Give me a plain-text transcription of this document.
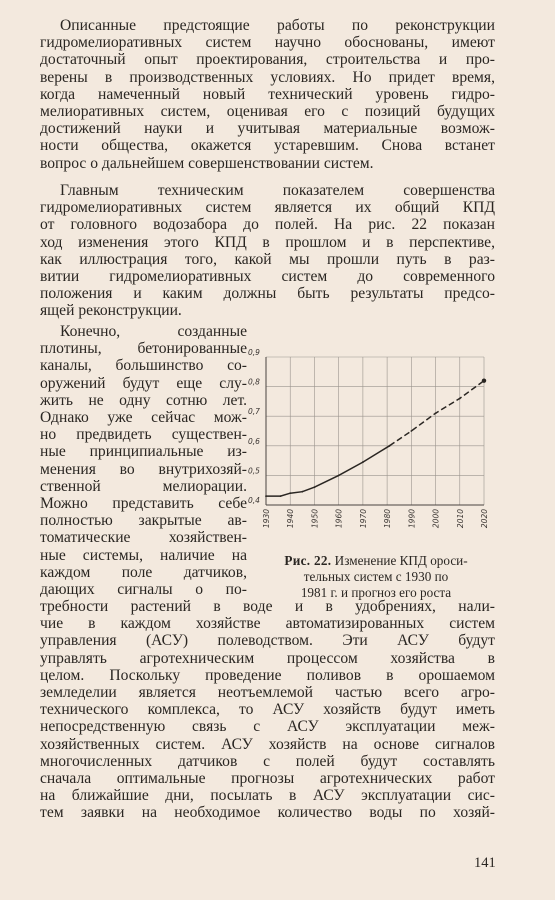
Описанные предстоящие работы по реконструкции
гидромелиоративных систем научно обоснованы, имеют
достаточный опыт проектирования, строительства и про-
верены в производственных условиях. Но придет время,
когда намеченный новый технический уровень гидро-
мелиоративных систем, оценивая его с позиций будущих
достижений науки и учитывая материальные возмож-
ности общества, окажется устаревшим. Снова встанет
вопрос о дальнейшем совершенствовании систем.
Главным техническим показателем совершенства
гидромелиоративных систем является их общий КПД
от головного водозабора до полей. На рис. 22 показан
ход изменения этого КПД в прошлом и в перспективе,
как иллюстрация того, какой мы прошли путь в раз-
витии гидромелиоративных систем до современного
положения и каким должны быть результаты предсо-
ящей реконструкции.
Конечно, созданные
плотины, бетонированные
каналы, большинство со-
оружений будут еще слу-
жить не одну сотню лет.
Однако уже сейчас мож-
но предвидеть существен-
ные принципиальные из-
менения во внутрихозяй-
ственной мелиорации.
Можно представить себе
полностью закрытые ав-
томатические хозяйствен-
ные системы, наличие на
каждом поле датчиков,
дающих сигналы о по-
требности растений в воде и в удобрениях, нали-
чие в каждом хозяйстве автоматизированных систем
управления (АСУ) полеводством. Эти АСУ будут
управлять агротехническим процессом хозяйства в
целом. Поскольку проведение поливов в орошаемом
земледелии является неотъемлемой частью всего агро-
технического комплекса, то АСУ хозяйств будут иметь
непосредственную связь с АСУ эксплуатации меж-
хозяйственных систем. АСУ хозяйств на основе сигналов
многочисленных датчиков с полей будут составлять
сначала оптимальные прогнозы агротехнических работ
на ближайшие дни, посылать в АСУ эксплуатации сис-
тем заявки на необходимое количество воды по хозяй-
0,4
0,5
0,6
0,7
0,8
0,9
1930 1940 1950 1960 1970 1980 1990 2000 2010 2020
Рис. 22. Изменение КПД ороси-
тельных систем с 1930 по
1981 г. и прогноз его роста
141
